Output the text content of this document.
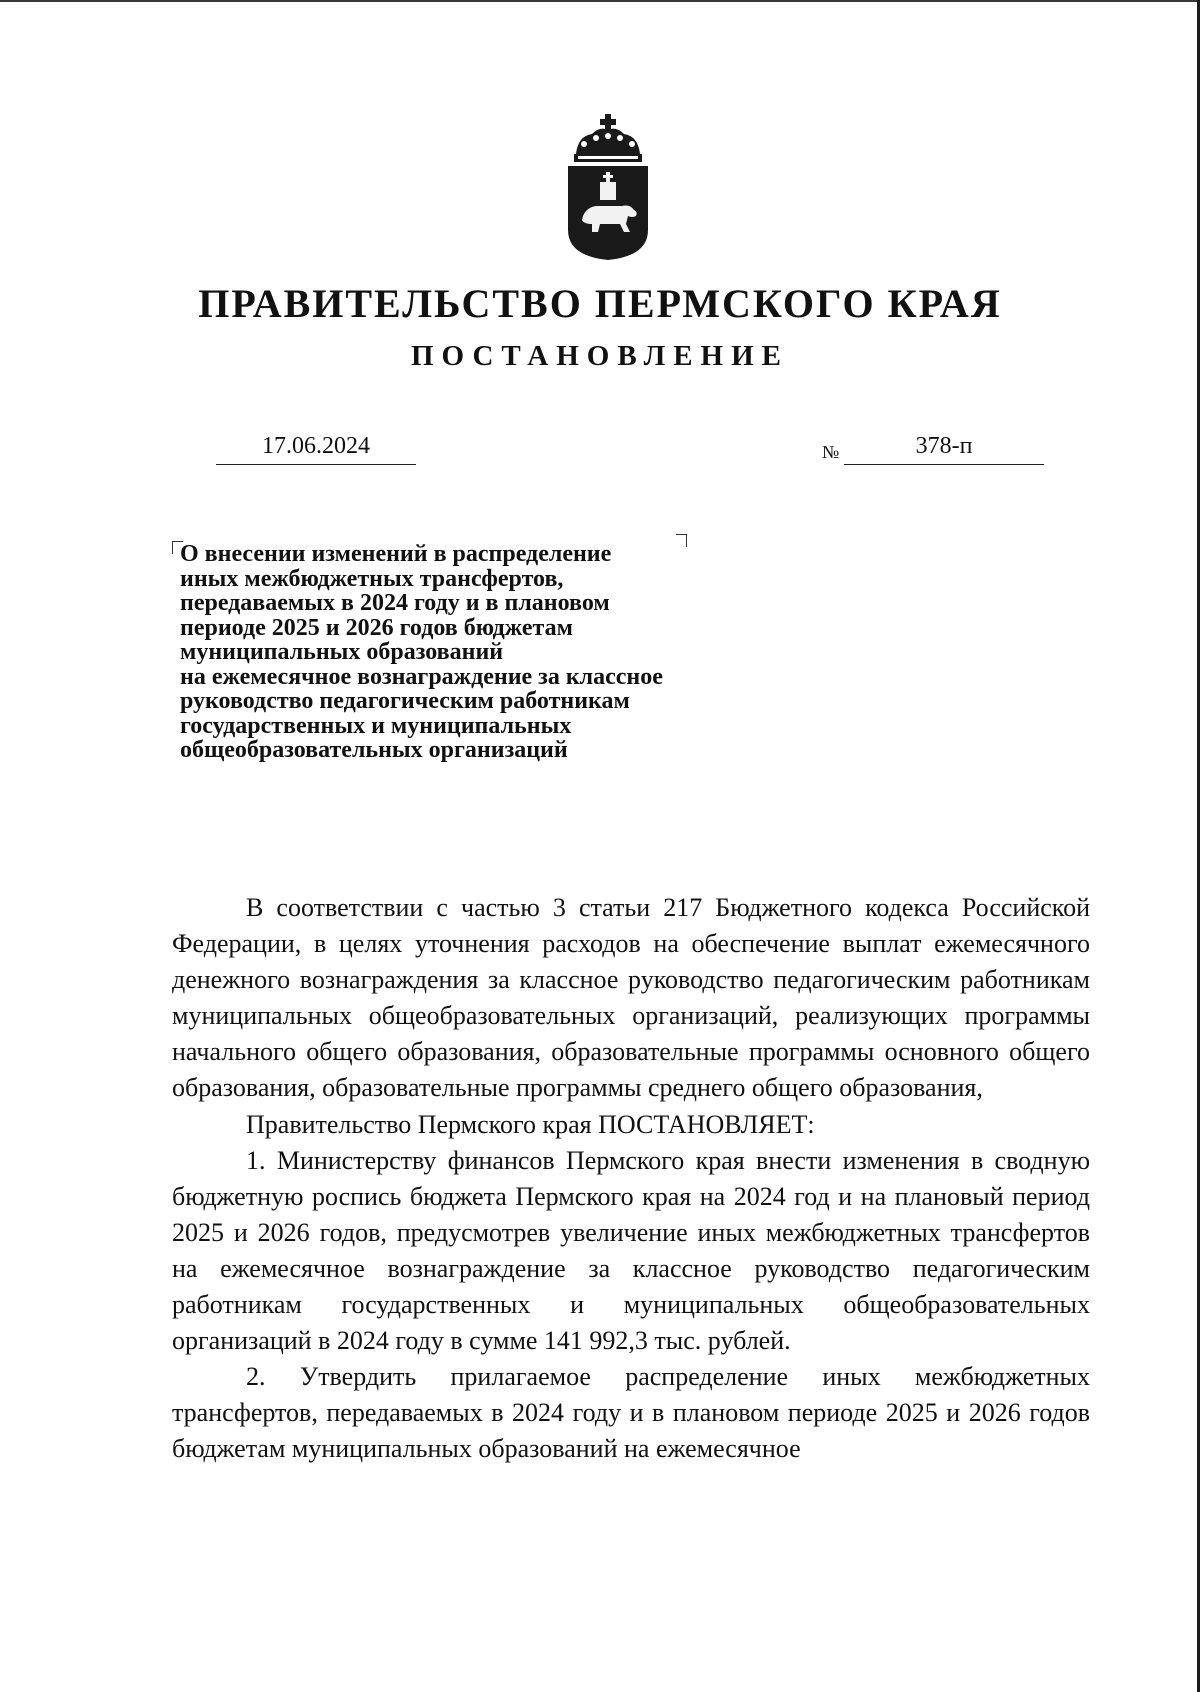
ПРАВИТЕЛЬСТВО ПЕРМСКОГО КРАЯ
ПОСТАНОВЛЕНИЕ
17.06.2024	№	378-п
О внесении изменений в распределение
иных межбюджетных трансфертов,
передаваемых в 2024 году и в плановом
периоде 2025 и 2026 годов бюджетам
муниципальных образований
на ежемесячное вознаграждение за классное
руководство педагогическим работникам
государственных и муниципальных
общеобразовательных организаций

В соответствии с частью 3 статьи 217 Бюджетного кодекса Российской Федерации, в целях уточнения расходов на обеспечение выплат ежемесячного денежного вознаграждения за классное руководство педагогическим работникам муниципальных общеобразовательных организаций, реализующих программы начального общего образования, образовательные программы основного общего образования, образовательные программы среднего общего образования,

Правительство Пермского края ПОСТАНОВЛЯЕТ:

1. Министерству финансов Пермского края внести изменения в сводную бюджетную роспись бюджета Пермского края на 2024 год и на плановый период 2025 и 2026 годов, предусмотрев увеличение иных межбюджетных трансфертов на ежемесячное вознаграждение за классное руководство педагогическим работникам государственных и муниципальных общеобразовательных организаций в 2024 году в сумме 141 992,3 тыс. рублей.

2. Утвердить прилагаемое распределение иных межбюджетных трансфертов, передаваемых в 2024 году и в плановом периоде 2025 и 2026 годов бюджетам муниципальных образований на ежемесячное
